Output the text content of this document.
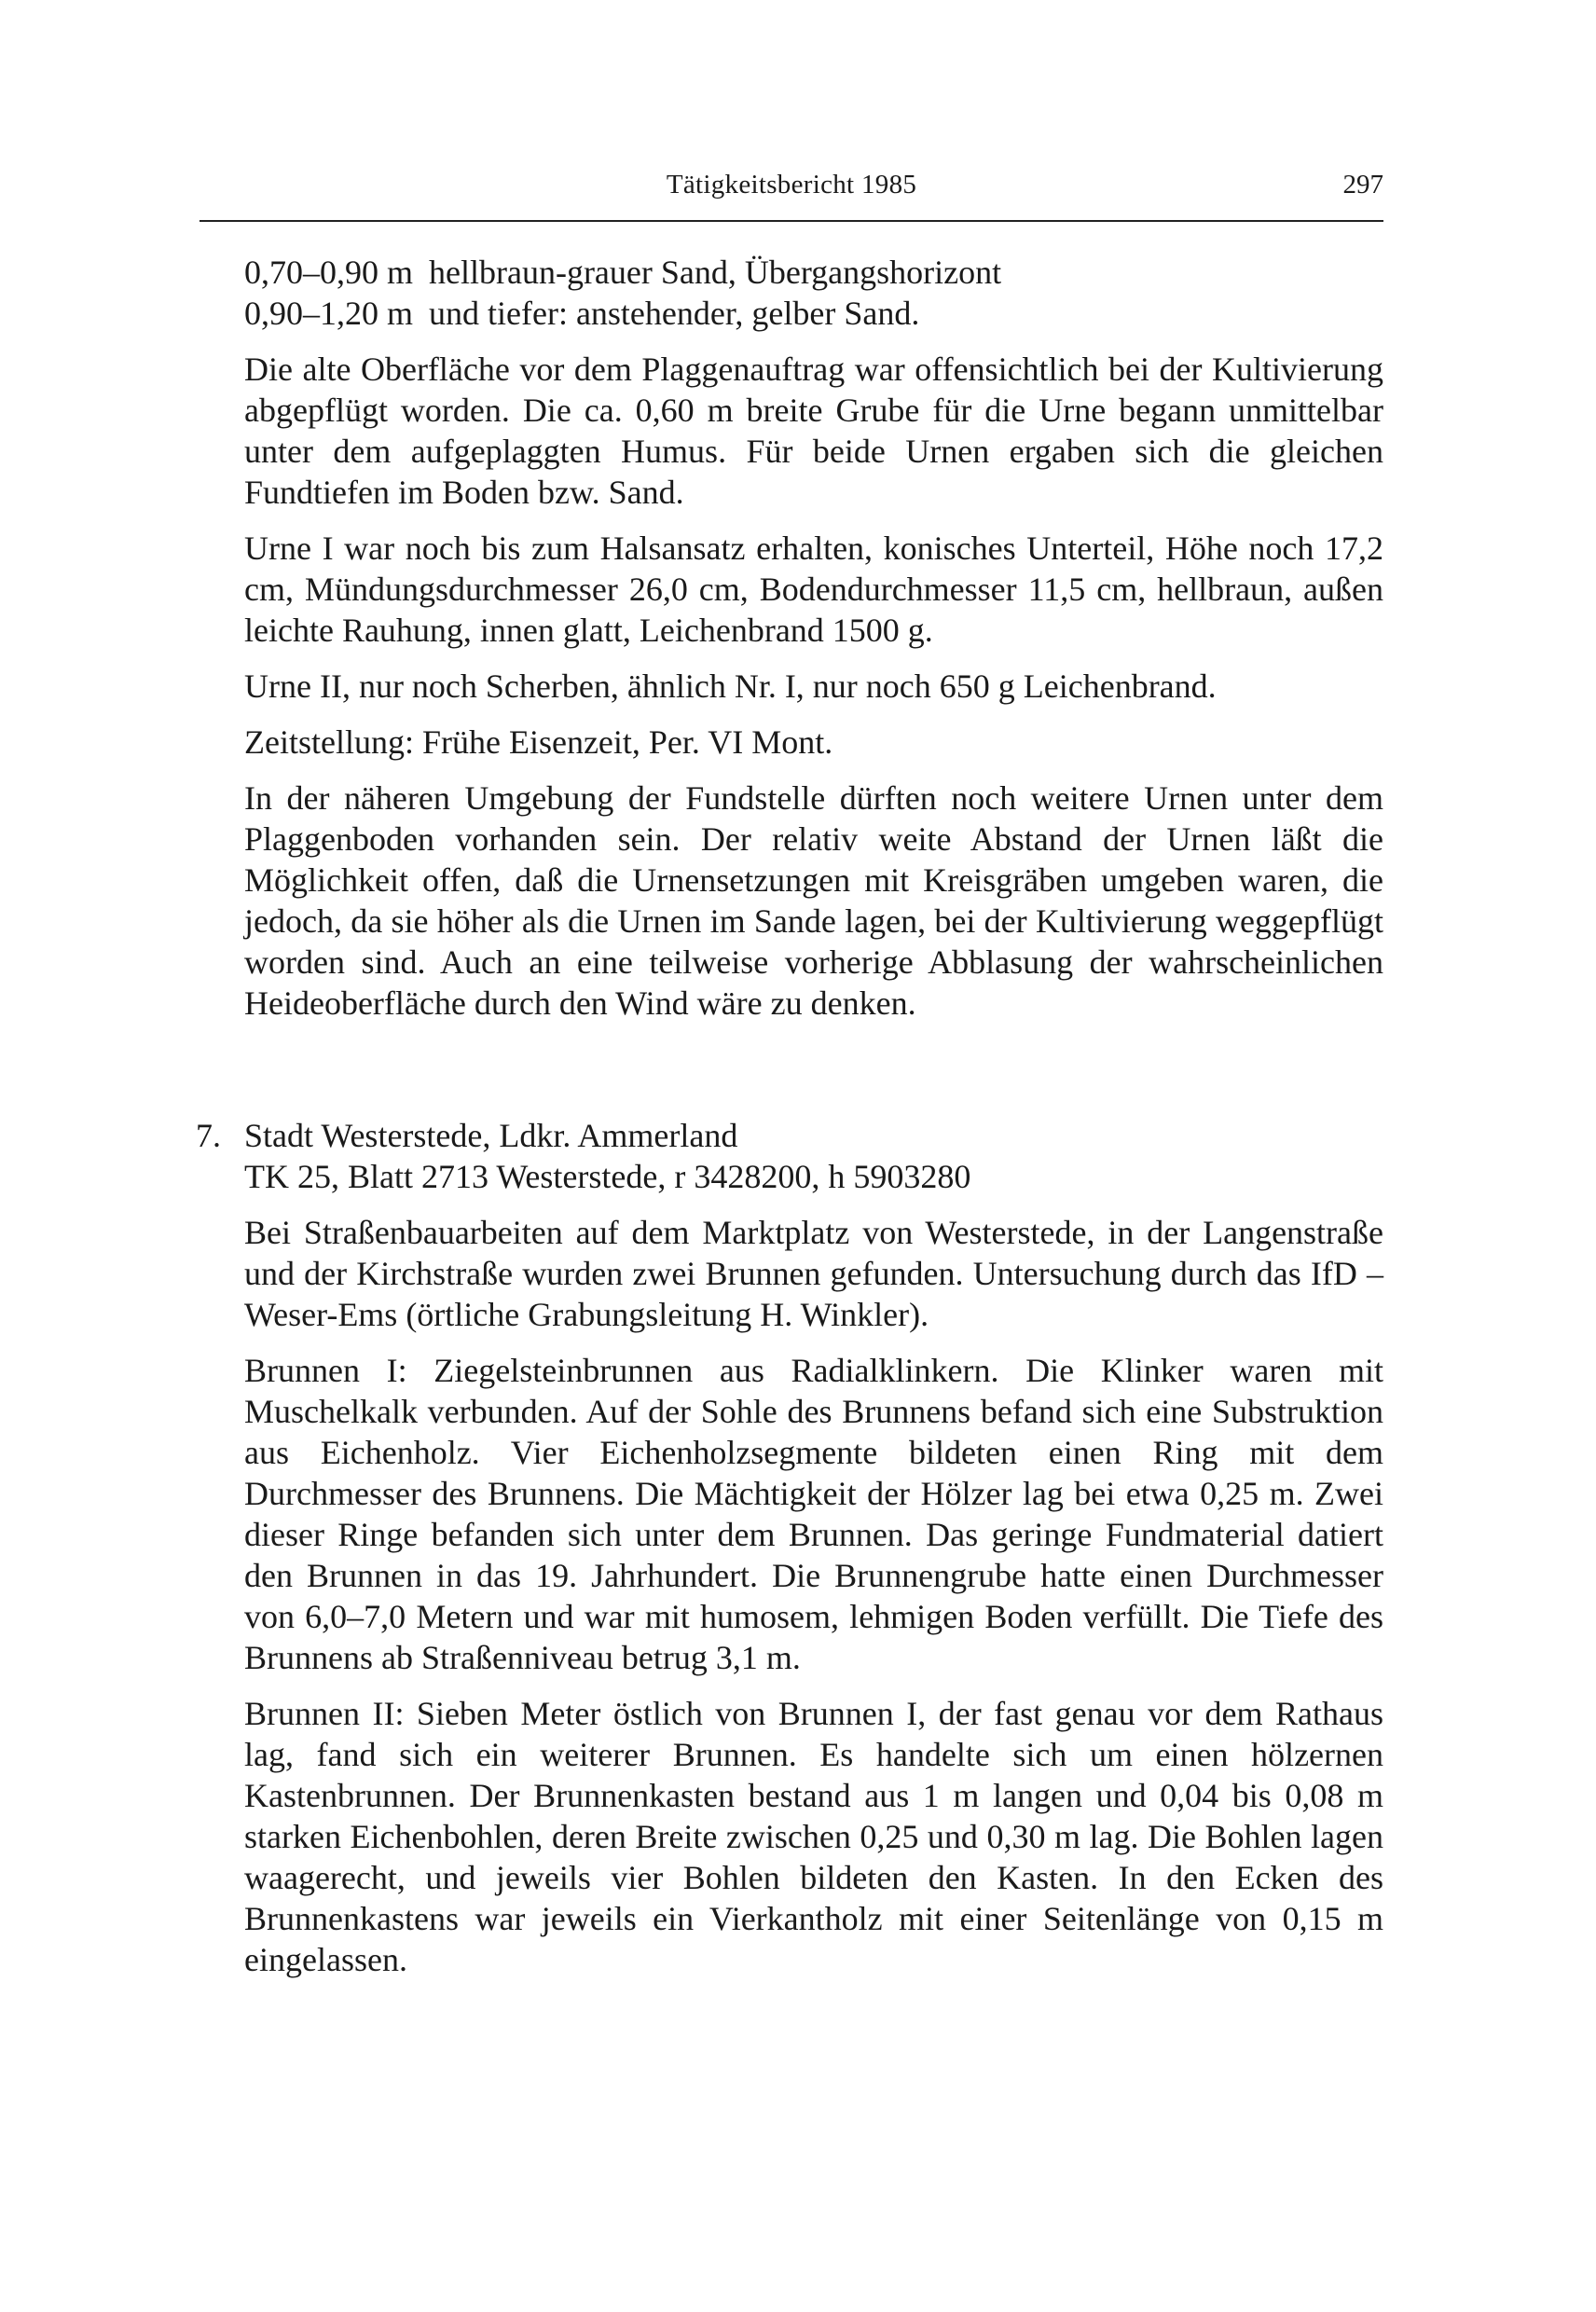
Tätigkeitsbericht 1985	297
0,70–0,90 m hellbraun-grauer Sand, Übergangshorizont
0,90–1,20 m und tiefer: anstehender, gelber Sand.

Die alte Oberfläche vor dem Plaggenauftrag war offensichtlich bei der Kultivierung abgepflügt worden. Die ca. 0,60 m breite Grube für die Urne begann unmittelbar unter dem aufgeplaggten Humus. Für beide Urnen ergaben sich die gleichen Fundtiefen im Boden bzw. Sand.

Urne I war noch bis zum Halsansatz erhalten, konisches Unterteil, Höhe noch 17,2 cm, Mündungsdurchmesser 26,0 cm, Bodendurchmesser 11,5 cm, hellbraun, außen leichte Rauhung, innen glatt, Leichenbrand 1500 g.

Urne II, nur noch Scherben, ähnlich Nr. I, nur noch 650 g Leichenbrand.

Zeitstellung: Frühe Eisenzeit, Per. VI Mont.

In der näheren Umgebung der Fundstelle dürften noch weitere Urnen unter dem Plaggenboden vorhanden sein. Der relativ weite Abstand der Urnen läßt die Möglichkeit offen, daß die Urnensetzungen mit Kreisgräben umgeben waren, die jedoch, da sie höher als die Urnen im Sande lagen, bei der Kultivierung weggepflügt worden sind. Auch an eine teilweise vorherige Abblasung der wahrscheinlichen Heideoberfläche durch den Wind wäre zu denken.

7. Stadt Westerstede, Ldkr. Ammerland
TK 25, Blatt 2713 Westerstede, r 3428200, h 5903280

Bei Straßenbauarbeiten auf dem Marktplatz von Westerstede, in der Langenstraße und der Kirchstraße wurden zwei Brunnen gefunden. Untersuchung durch das IfD – Weser-Ems (örtliche Grabungsleitung H. Winkler).

Brunnen I: Ziegelsteinbrunnen aus Radialklinkern. Die Klinker waren mit Muschelkalk verbunden. Auf der Sohle des Brunnens befand sich eine Substruktion aus Eichenholz. Vier Eichenholzsegmente bildeten einen Ring mit dem Durchmesser des Brunnens. Die Mächtigkeit der Hölzer lag bei etwa 0,25 m. Zwei dieser Ringe befanden sich unter dem Brunnen. Das geringe Fundmaterial datiert den Brunnen in das 19. Jahrhundert. Die Brunnengrube hatte einen Durchmesser von 6,0–7,0 Metern und war mit humosem, lehmigen Boden verfüllt. Die Tiefe des Brunnens ab Straßenniveau betrug 3,1 m.

Brunnen II: Sieben Meter östlich von Brunnen I, der fast genau vor dem Rathaus lag, fand sich ein weiterer Brunnen. Es handelte sich um einen hölzernen Kastenbrunnen. Der Brunnenkasten bestand aus 1 m langen und 0,04 bis 0,08 m starken Eichenbohlen, deren Breite zwischen 0,25 und 0,30 m lag. Die Bohlen lagen waagerecht, und jeweils vier Bohlen bildeten den Kasten. In den Ecken des Brunnenkastens war jeweils ein Vierkantholz mit einer Seitenlänge von 0,15 m eingelassen.
